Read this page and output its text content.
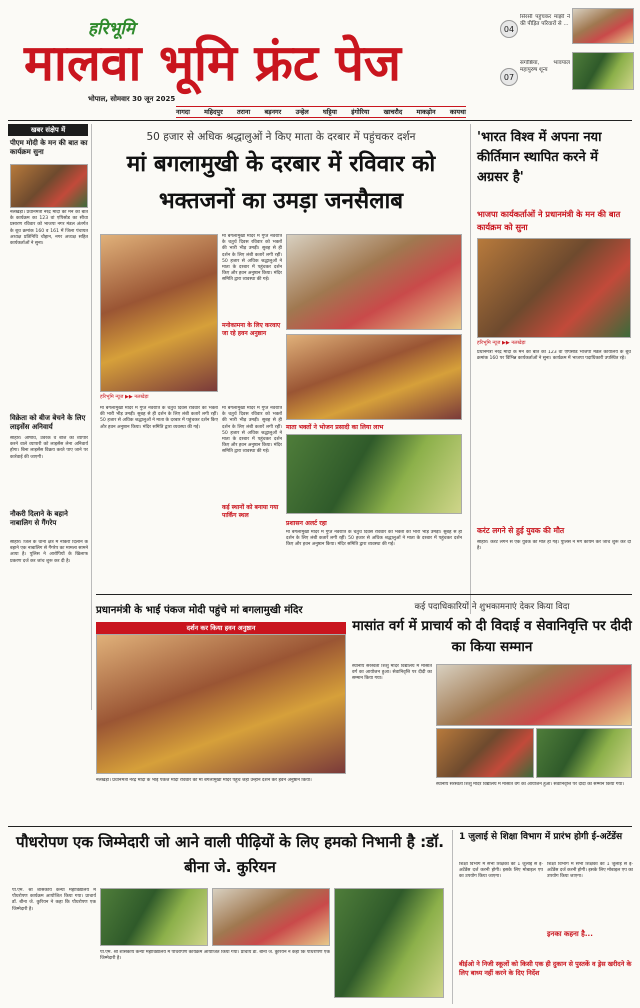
हरिभूमि
मालवा भूमि फ्रंट पेज
भोपाल, सोमवार 30 जून 2025
04
सिरसी पहुंचकर मांझी ने की पीड़ित परिवारों से ...
07
संगोष्ठियां, भावपाल महापुरुष शून्य
नागदा महिदपुर तराना बड़नगर उन्हेल घट्टिया इंगोरिया खाचरौद माकड़ोन कायथा
खबर संक्षेप में
पीएम मोदी के मन की बात का कार्यक्रम सुना
नलखेड़ा। प्रधानमंत्री नरेंद्र मोदी की मन की बात के कार्यक्रम का 123 वां एपिसोड का सीधा प्रसारण रविवार को भाजपा नगर मंडल अंतर्गत के बूथ क्रमांक 160 व 161 में जिला पंचायत अध्यक्ष प्रतिनिधि चौहान, नगर अध्यक्ष सहित कार्यकर्ताओं ने सुना।
विक्रेता को बीज बेचने के लिए लाइसेंस अनिवार्य
सीहोर। औषधि, उर्वरक व बीज का व्यापार करने वाले व्यापारी को लाइसेंस लेना अनिवार्य होगा। बिना लाइसेंस विक्रय करते पाए जाने पर कार्रवाई की जाएगी।
नौकरी दिलाने के बहाने नाबालिग से गैंगरेप
सीहोर। जिले के थाना क्षेत्र में नौकरी दिलाने के बहाने एक नाबालिग से गैंगरेप का मामला सामने आया है। पुलिस ने आरोपियों के खिलाफ प्रकरण दर्ज कर जांच शुरू कर दी है।
50 हजार से अधिक श्रद्धालुओं ने किए माता के दरबार में पहुंचकर दर्शन
मां बगलामुखी के दरबार में रविवार को भक्तजनों का उमड़ा जनसैलाब
हरिभूमि न्यूज ▶▶ नलखेड़ा
मां बगलामुखी मंदिर में गुप्त नवरात्रि के चतुर्थ दिवस रविवार को भक्तों की भारी भीड़ उमड़ी। सुबह से ही दर्शन के लिए लंबी कतारें लगी रहीं। 50 हजार से अधिक श्रद्धालुओं ने माता के दरबार में पहुंचकर दर्शन किए और हवन अनुष्ठान किया। मंदिर समिति द्वारा व्यवस्था की गई।
मां बगलामुखी मंदिर में गुप्त नवरात्रि के चतुर्थ दिवस रविवार को भक्तों की भारी भीड़ उमड़ी। सुबह से ही दर्शन के लिए लंबी कतारें लगी रहीं। 50 हजार से अधिक श्रद्धालुओं ने माता के दरबार में पहुंचकर दर्शन किए और हवन अनुष्ठान किया। मंदिर समिति द्वारा व्यवस्था की गई।
मां बगलामुखी मंदिर में गुप्त नवरात्रि के चतुर्थ दिवस रविवार को भक्तों की भारी भीड़ उमड़ी। सुबह से ही दर्शन के लिए लंबी कतारें लगी रहीं। 50 हजार से अधिक श्रद्धालुओं ने माता के दरबार में पहुंचकर दर्शन किए और हवन अनुष्ठान किया। मंदिर समिति द्वारा व्यवस्था की गई।
मनोकामना के लिए करवाए जा रहे हवन अनुष्ठान
माता भक्तों ने भोजन प्रसादी का लिया लाभ
कई स्थानों को बनाया गया पार्किंग स्थल
प्रशासन अलर्ट रहा
मां बगलामुखी मंदिर में गुप्त नवरात्रि के चतुर्थ दिवस रविवार को भक्तों की भारी भीड़ उमड़ी। सुबह से ही दर्शन के लिए लंबी कतारें लगी रहीं। 50 हजार से अधिक श्रद्धालुओं ने माता के दरबार में पहुंचकर दर्शन किए और हवन अनुष्ठान किया। मंदिर समिति द्वारा व्यवस्था की गई।
'भारत विश्व में अपना नया कीर्तिमान स्थापित करने में अग्रसर है'
भाजपा कार्यकर्ताओं ने प्रधानमंत्री के मन की बात कार्यक्रम को सुना
हरिभूमि न्यूज ▶▶ नलखेड़ा
प्रधानमंत्री नरेंद्र मोदी के मन की बात का 123 वां एपिसोड भाजपा मंडल कार्यालय के बूथ क्रमांक 160 पर विभिन्न कार्यकर्ताओं ने सुना। कार्यक्रम में भाजपा पदाधिकारी उपस्थित रहे।
करंट लगने से हुई युवक की मौत
सीहोर। करंट लगने से एक युवक की मौत हो गई। पुलिस ने मर्ग कायम कर जांच शुरू कर दी है।
प्रधानमंत्री के भाई पंकज मोदी पहुंचे मां बगलामुखी मंदिर
दर्शन कर किया हवन अनुष्ठान
नलखेड़ा। प्रधानमंत्री नरेंद्र मोदी के भाई पंकज मोदी रविवार को मां बगलामुखी मंदिर पहुंचे जहां उन्होंने दर्शन कर हवन अनुष्ठान किया।
कई पदाधिकारियों ने शुभकामनाएं देकर किया विदा
मासांत वर्ग में प्राचार्य को दी विदाई व सेवानिवृत्ति पर दीदी का किया सम्मान
स्थानीय सरस्वती शिशु मंदिर विद्यालय में मासांत वर्ग का आयोजन हुआ। सेवानिवृत्ति पर दीदी का सम्मान किया गया।
स्थानीय सरस्वती शिशु मंदिर विद्यालय में मासांत वर्ग का आयोजन हुआ। सेवानिवृत्ति पर दीदी का सम्मान किया गया।
पौधरोपण एक जिम्मेदारी जो आने वाली पीढ़ियों के लिए हमको निभानी है :डॉ. बीना जे. कुरियन
पी.एम. श्री शासकीय कन्या महाविद्यालय में पौधरोपण कार्यक्रम आयोजित किया गया। प्राचार्य डॉ. बीना जे. कुरियन ने कहा कि पौधरोपण एक जिम्मेदारी है।
पी.एम. श्री शासकीय कन्या महाविद्यालय में पौधरोपण कार्यक्रम आयोजित किया गया। प्राचार्य डॉ. बीना जे. कुरियन ने कहा कि पौधरोपण एक जिम्मेदारी है।
1 जुलाई से शिक्षा विभाग में प्रारंभ होगी ई-अटेंडेंस
शिक्षा विभाग में सभी शिक्षकों को 1 जुलाई से ई-अटेंडेंस दर्ज करनी होगी। इसके लिए मोबाइल एप का उपयोग किया जाएगा।
शिक्षा विभाग में सभी शिक्षकों को 1 जुलाई से ई-अटेंडेंस दर्ज करनी होगी। इसके लिए मोबाइल एप का उपयोग किया जाएगा।
इनका कहना है...
बीईओ ने निजी स्कूलों को किसी एक ही दुकान से पुस्तकें व ड्रेस खरीदने के लिए बाध्य नहीं करने के दिए निर्देश
